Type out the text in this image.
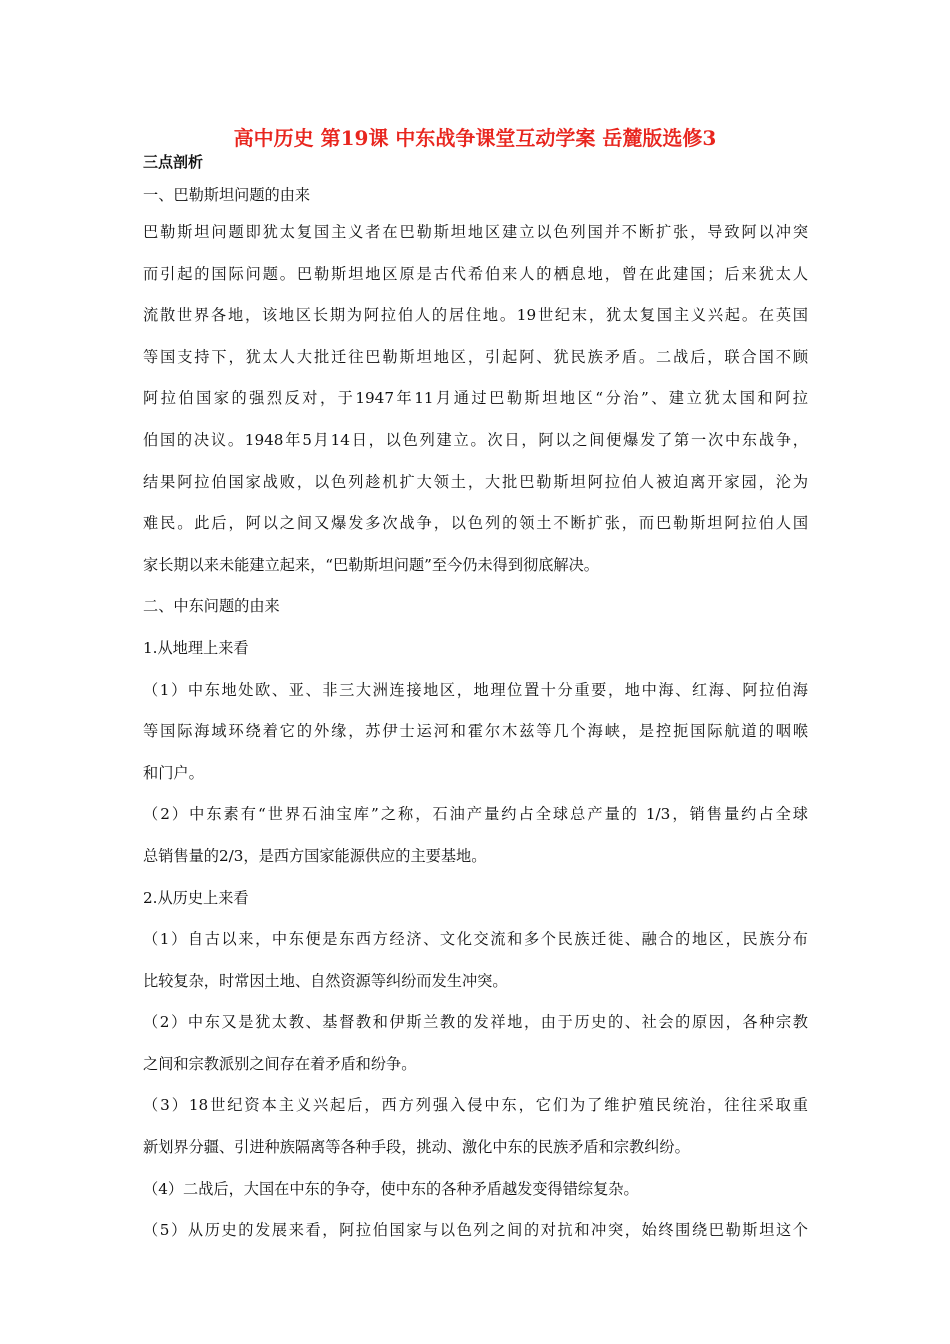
高中历史 第19课 中东战争课堂互动学案 岳麓版选修3
三点剖析
一、巴勒斯坦问题的由来
巴勒斯坦问题即犹太复国主义者在巴勒斯坦地区建立以色列国并不断扩张，导致阿以冲突
而引起的国际问题。巴勒斯坦地区原是古代希伯来人的栖息地，曾在此建国；后来犹太人
流散世界各地，该地区长期为阿拉伯人的居住地。19世纪末，犹太复国主义兴起。在英国
等国支持下，犹太人大批迁往巴勒斯坦地区，引起阿、犹民族矛盾。二战后，联合国不顾
阿拉伯国家的强烈反对，于1947年11月通过巴勒斯坦地区“分治”、建立犹太国和阿拉
伯国的决议。1948年5月14日，以色列建立。次日，阿以之间便爆发了第一次中东战争，
结果阿拉伯国家战败，以色列趁机扩大领土，大批巴勒斯坦阿拉伯人被迫离开家园，沦为
难民。此后，阿以之间又爆发多次战争，以色列的领土不断扩张，而巴勒斯坦阿拉伯人国
家长期以来未能建立起来，“巴勒斯坦问题”至今仍未得到彻底解决。
二、中东问题的由来
1.从地理上来看
（1）中东地处欧、亚、非三大洲连接地区，地理位置十分重要，地中海、红海、阿拉伯海
等国际海域环绕着它的外缘，苏伊士运河和霍尔木兹等几个海峡，是控扼国际航道的咽喉
和门户。
（2）中东素有“世界石油宝库”之称，石油产量约占全球总产量的 1/3，销售量约占全球
总销售量的2/3，是西方国家能源供应的主要基地。
2.从历史上来看
（1）自古以来，中东便是东西方经济、文化交流和多个民族迁徙、融合的地区，民族分布
比较复杂，时常因土地、自然资源等纠纷而发生冲突。
（2）中东又是犹太教、基督教和伊斯兰教的发祥地，由于历史的、社会的原因，各种宗教
之间和宗教派别之间存在着矛盾和纷争。
（3）18世纪资本主义兴起后，西方列强入侵中东，它们为了维护殖民统治，往往采取重
新划界分疆、引进种族隔离等各种手段，挑动、激化中东的民族矛盾和宗教纠纷。
（4）二战后，大国在中东的争夺，使中东的各种矛盾越发变得错综复杂。
（5）从历史的发展来看，阿拉伯国家与以色列之间的对抗和冲突，始终围绕巴勒斯坦这个
